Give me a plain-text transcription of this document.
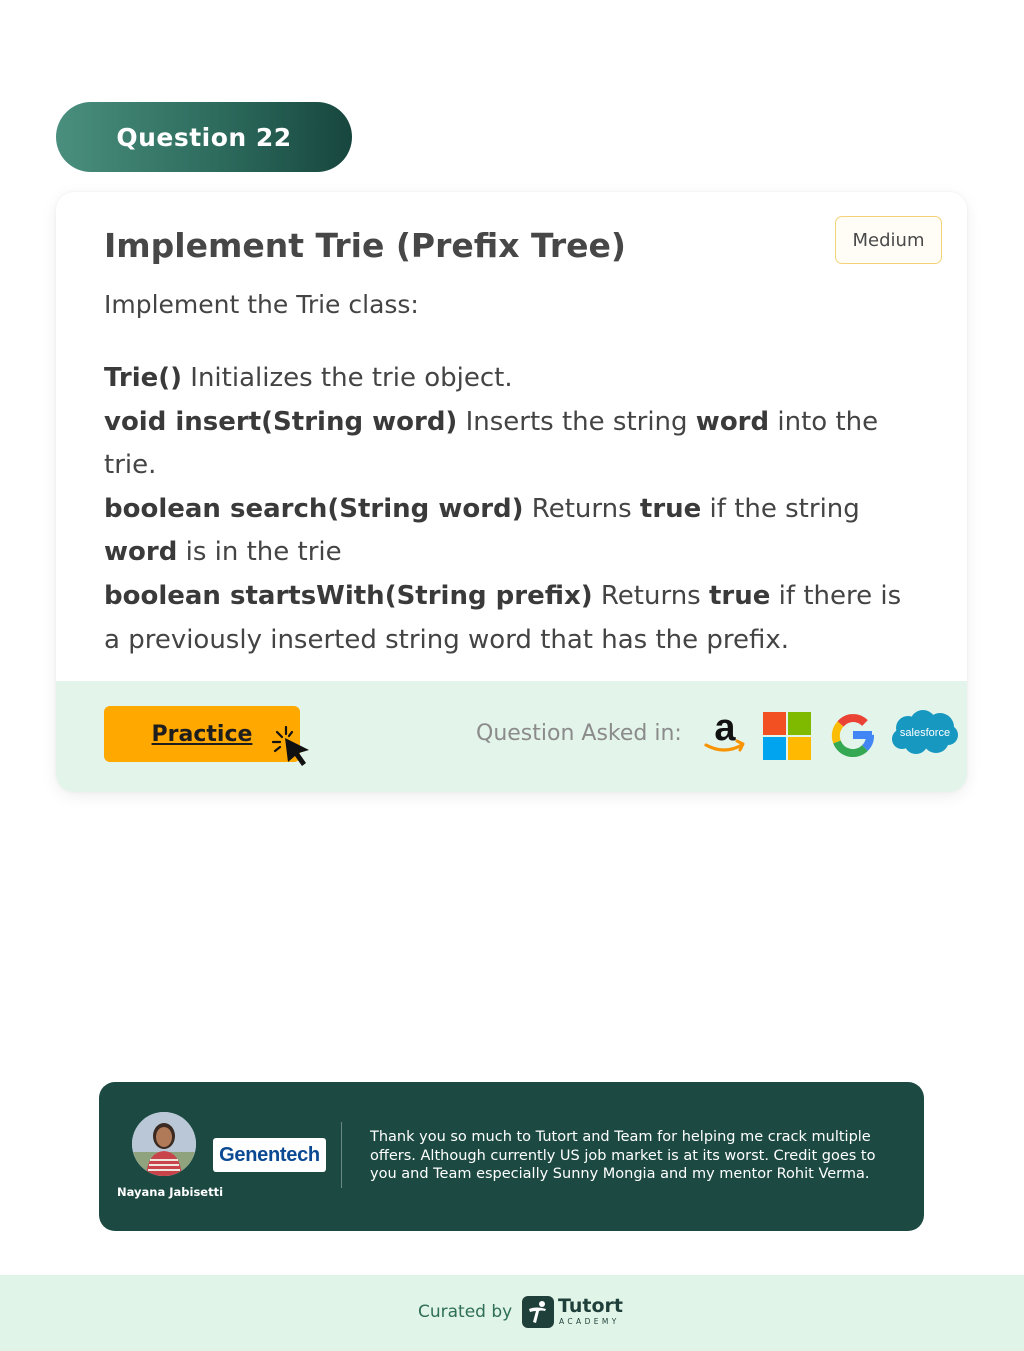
Question 22
Implement Trie (Prefix Tree)	Medium
Implement the Trie class:
Trie() Initializes the trie object.
void insert(String word) Inserts the string word into the trie.
boolean search(String word) Returns true if the string word is in the trie
boolean startsWith(String prefix) Returns true if there is a previously inserted string word that has the prefix.
Practice	Question Asked in: a	salesforce
Nayana Jabisetti
Genentech
Thank you so much to Tutort and Team for helping me crack multiple offers. Although currently US job market is at its worst. Credit goes to you and Team especially Sunny Mongia and my mentor Rohit Verma.
Curated by Tutort
ACADEMY
